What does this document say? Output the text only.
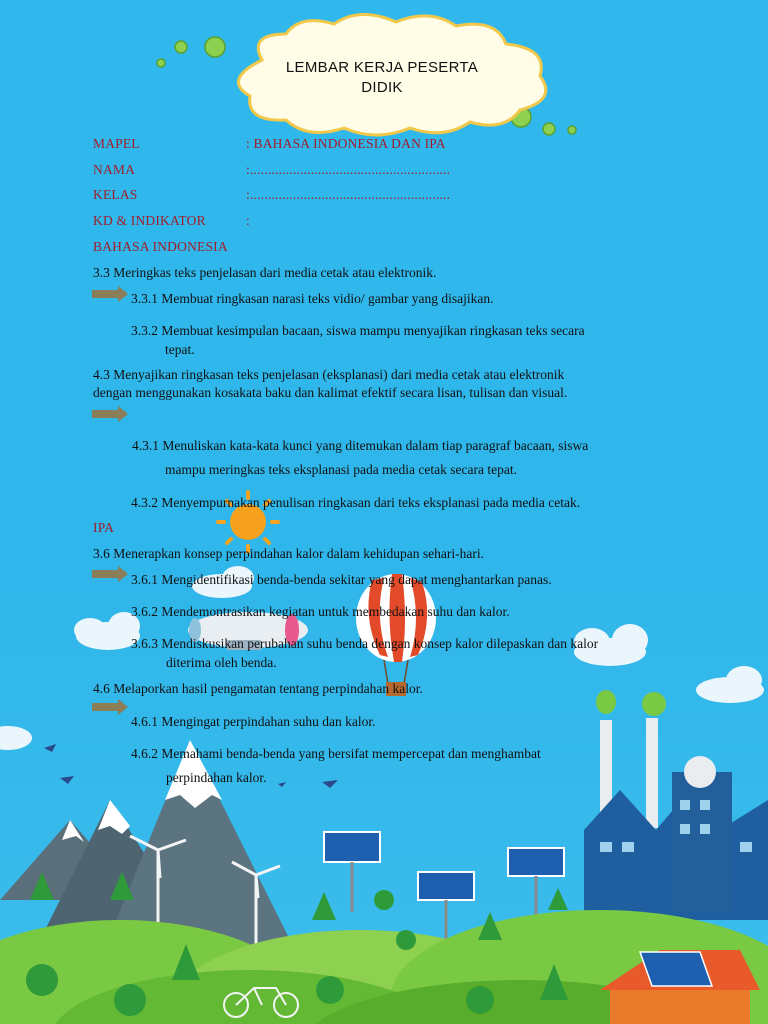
LEMBAR KERJA PESERTA
DIDIK

MAPEL	: BAHASA INDONESIA DAN IPA

NAMA	:........................................................

KELAS	:........................................................

KD & INDIKATOR	:

BAHASA INDONESIA

3.3 Meringkas teks penjelasan dari media cetak atau elektronik.

3.3.1 Membuat ringkasan narasi teks vidio/ gambar yang disajikan.

3.3.2 Membuat kesimpulan bacaan, siswa mampu menyajikan ringkasan teks secara

tepat.

4.3 Menyajikan ringkasan teks penjelasan (eksplanasi) dari media cetak atau elektronik

dengan menggunakan kosakata baku dan kalimat efektif secara lisan, tulisan dan visual.

4.3.1 Menuliskan kata-kata kunci yang ditemukan dalam tiap paragraf bacaan, siswa

mampu meringkas teks eksplanasi pada media cetak secara tepat.

4.3.2 Menyempurnakan penulisan ringkasan dari teks eksplanasi pada media cetak.

IPA

3.6 Menerapkan konsep perpindahan kalor dalam kehidupan sehari-hari.

3.6.1 Mengidentifikasi benda-benda sekitar yang dapat menghantarkan panas.

3.6.2 Mendemontrasikan kegiatan untuk membedakan suhu dan kalor.

3.6.3 Mendiskusikan perubahan suhu benda dengan konsep kalor dilepaskan dan kalor

diterima oleh benda.

4.6 Melaporkan hasil pengamatan tentang perpindahan kalor.

4.6.1 Mengingat perpindahan suhu dan kalor.

4.6.2 Memahami benda-benda yang bersifat mempercepat dan menghambat

perpindahan kalor.
